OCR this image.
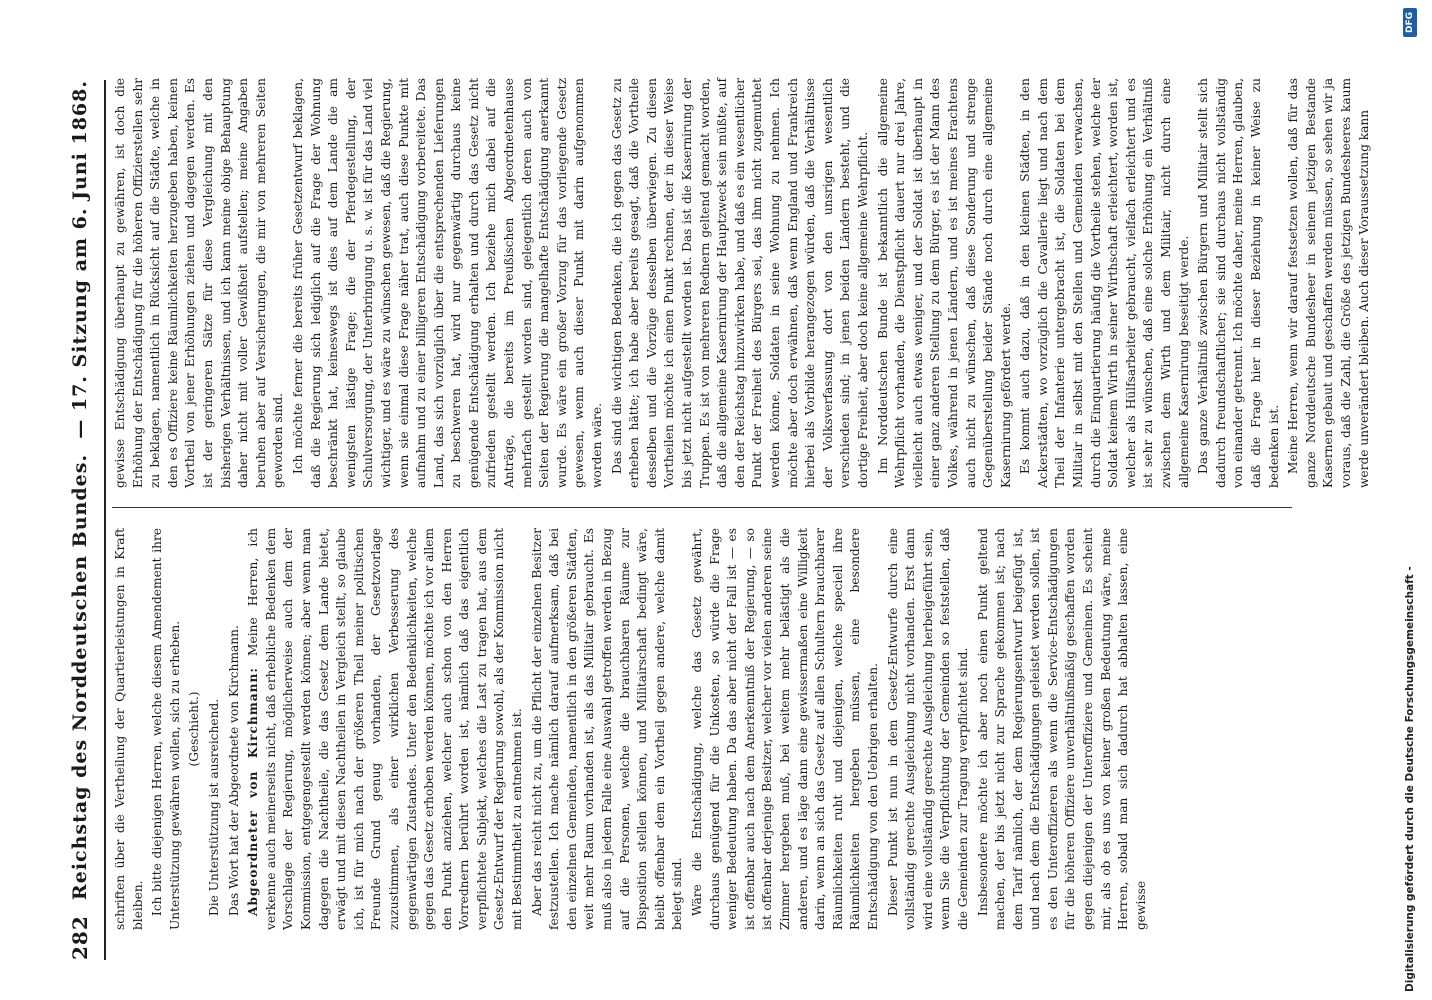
282
Reichstag des Norddeutschen Bundes.
— 17. Sitzung am 6. Juni 1868.

schriften über die Vertheilung der Quartierleistungen in Kraft bleiben. Ich bitte diejenigen Herren, welche diesem Amendement ihre Unterstützung gewähren wollen, sich zu erheben. (Geschieht.) Die Unterstützung ist ausreichend. Das Wort hat der Abgeordnete von Kirchmann. Abgeordneter von Kirchmann: Meine Herren, ich verkenne auch meinerseits nicht, daß erhebliche Bedenken dem Vorschlage der Regierung, möglicherweise auch dem der Kommission, entgegengestellt werden können; aber wenn man dagegen die Nachtheile, die das Gesetz dem Lande bietet, erwägt und mit diesen Nachtheilen in Vergleich stellt, so glaube ich, ist für mich nach der größeren Theil meiner politischen Freunde Grund genug vorhanden, der Gesetzvorlage zuzustimmen, als einer wirklichen Verbesserung des gegenwärtigen Zustandes. Unter den Bedenklichkeiten, welche gegen das Gesetz erhoben werden können, möchte ich vor allem den Punkt anziehen, welcher auch schon von den Herren Vorrednern berührt worden ist, nämlich daß das eigentlich verpflichtete Subjekt, welches die Last zu tragen hat, aus dem Gesetz-Entwurf der Regierung sowohl, als der Kommission nicht mit Bestimmtheit zu entnehmen ist. Aber das reicht nicht zu, um die Pflicht der einzelnen Besitzer festzustellen. Ich mache nämlich darauf aufmerksam, daß bei den einzelnen Gemeinden, namentlich in den größeren Städten, weit mehr Raum vorhanden ist, als das Militair gebraucht. Es muß also in jedem Falle eine Auswahl getroffen werden in Bezug auf die Personen, welche die brauchbaren Räume zur Disposition stellen können, und Militairschaft bedingt wäre, bleibt offenbar dem ein Vortheil gegen andere, welche damit belegt sind. Wäre die Entschädigung, welche das Gesetz gewährt, durchaus genügend für die Unkosten, so würde die Frage weniger Bedeutung haben. Da das aber nicht der Fall ist — es ist offenbar auch nach dem Anerkenntniß der Regierung, — so ist offenbar derjenige Besitzer, welcher vor vielen anderen seine Zimmer hergeben muß, bei weitem mehr belästigt als die anderen, und es läge dann eine gewissermaßen eine Willigkeit darin, wenn an sich das Gesetz auf allen Schultern brauchbarer Räumlichkeiten ruht und diejenigen, welche speciell ihre Räumlichkeiten hergeben müssen, eine besondere Entschädigung von den Uebrigen erhalten. Dieser Punkt ist nun in dem Gesetz-Entwurfe durch eine vollständig gerechte Ausgleichung nicht vorhanden. Erst dann wird eine vollständig gerechte Ausgleichung herbeigeführt sein, wenn Sie die Verpflichtung der Gemeinden so feststellen, daß die Gemeinden zur Tragung verpflichtet sind. Insbesondere möchte ich aber noch einen Punkt geltend machen, der bis jetzt nicht zur Sprache gekommen ist; nach dem Tarif nämlich, der dem Regierungsentwurf beigefügt ist, und nach dem die Entschädigungen geleistet werden sollen, ist es den Unteroffizieren als wenn die Service-Entschädigungen für die höheren Offiziere unverhältnißmäßig geschaffen worden gegen diejenigen der Unteroffiziere und Gemeinen. Es scheint mir, als ob es uns von keiner großen Bedeutung wäre, meine Herren, sobald man sich dadurch hat abhalten lassen, eine gewisse

gewisse Entschädigung überhaupt zu gewähren, ist doch die Erhöhung der Entschädigung für die höheren Offizierstellen sehr zu beklagen, namentlich in Rücksicht auf die Städte, welche in den es Offiziere keine Räumlichkeiten herzugeben haben, keinen Vortheil von jener Erhöhungen ziehen und dagegen werden. Es ist der geringeren Sätze für diese Vergleichung mit den bisherigen Verhältnissen, und ich kann meine obige Behauptung daher nicht mit voller Gewißheit aufstellen; meine Angaben beruhen aber auf Versicherungen, die mir von mehreren Seiten geworden sind. Ich möchte ferner die bereits früher Gesetzentwurf beklagen, daß die Regierung sich lediglich auf die Frage der Wohnung beschränkt hat, keineswegs ist dies auf dem Lande die am wenigsten lästige Frage; die der Pferdegestellung, der Schulversorgung, der Unterbringung u. s. w. ist für das Land viel wichtiger, und es wäre zu wünschen gewesen, daß die Regierung, wenn sie einmal diese Frage näher trat, auch diese Punkte mit aufnahm und zu einer billigeren Entschädigung vorbereitete. Das Land, das sich vorzüglich über die entsprechenden Lieferungen zu beschweren hat, wird nur gegenwärtig durchaus keine genügende Entschädigung erhalten und durch das Gesetz nicht zufrieden gestellt werden. Ich beziehe mich dabei auf die Anträge, die bereits im Preußischen Abgeordnetenhause mehrfach gestellt worden sind, gelegentlich deren auch von Seiten der Regierung die mangelhafte Entschädigung anerkannt wurde. Es wäre ein großer Vorzug für das vorliegende Gesetz gewesen, wenn auch dieser Punkt mit darin aufgenommen worden wäre. Das sind die wichtigen Bedenken, die ich gegen das Gesetz zu erheben hätte; ich habe aber bereits gesagt, daß die Vortheile desselben und die Vorzüge desselben überwiegen. Zu diesen Vortheilen möchte ich einen Punkt rechnen, der in dieser Weise bis jetzt nicht aufgestellt worden ist. Das ist die Kasernirung der Truppen. Es ist von mehreren Rednern geltend gemacht worden, daß die allgemeine Kasernirung der Hauptzweck sein müßte, auf den der Reichstag hinzuwirken habe, und daß es ein wesentlicher Punkt der Freiheit des Bürgers sei, das ihm nicht zugemuthet werden könne, Soldaten in seine Wohnung zu nehmen. Ich möchte aber doch erwähnen, daß wenn England und Frankreich hierbei als Vorbilde herangezogen würden, daß die Verhältnisse der Volksverfassung dort von den unsrigen wesentlich verschieden sind; in jenen beiden Ländern besteht, und die dortige Freiheit, aber doch keine allgemeine Wehrpflicht. Im Norddeutschen Bunde ist bekanntlich die allgemeine Wehrpflicht vorhanden, die Dienstpflicht dauert nur drei Jahre, vielleicht auch etwas weniger, und der Soldat ist überhaupt in einer ganz anderen Stellung zu dem Bürger, es ist der Mann des Volkes, während in jenen Ländern, und es ist meines Erachtens auch nicht zu wünschen, daß diese Sonderung und strenge Gegenüberstellung beider Stände noch durch eine allgemeine Kasernirung gefördert werde. Es kommt auch dazu, daß in den kleinen Städten, in den Ackerstädten, wo vorzüglich die Cavallerie liegt und nach dem Theil der Infanterie untergebracht ist, die Soldaten bei dem Militair in selbst mit den Stellen und Gemeinden verwachsen, durch die Einquartierung häufig die Vortheile stehen, welche der Soldat keinem Wirth in seiner Wirthschaft erleichtert, worden ist, welcher als Hülfsarbeiter gebraucht, vielfach erleichtert und es ist sehr zu wünschen, daß eine solche Erhöhung ein Verhältniß zwischen dem Wirth und dem Militair, nicht durch eine allgemeine Kasernirung beseitigt werde. Das ganze Verhältniß zwischen Bürgern und Militair stellt sich dadurch freundschaftlicher; sie sind durchaus nicht vollständig von einander getrennt. Ich möchte daher, meine Herren, glauben, daß die Frage hier in dieser Beziehung in keiner Weise zu bedenken ist. Meine Herren, wenn wir darauf festsetzen wollen, daß für das ganze Norddeutsche Bundesheer in seinem jetzigen Bestande Kasernen gebaut und geschaffen werden müssen, so sehen wir ja voraus, daß die Zahl, die Größe des jetzigen Bundesheeres kaum werde unverändert bleiben. Auch dieser Voraussetzung kann

Digitalisierung gefördert durch die Deutsche Forschungsgemeinschaft -
DFG
